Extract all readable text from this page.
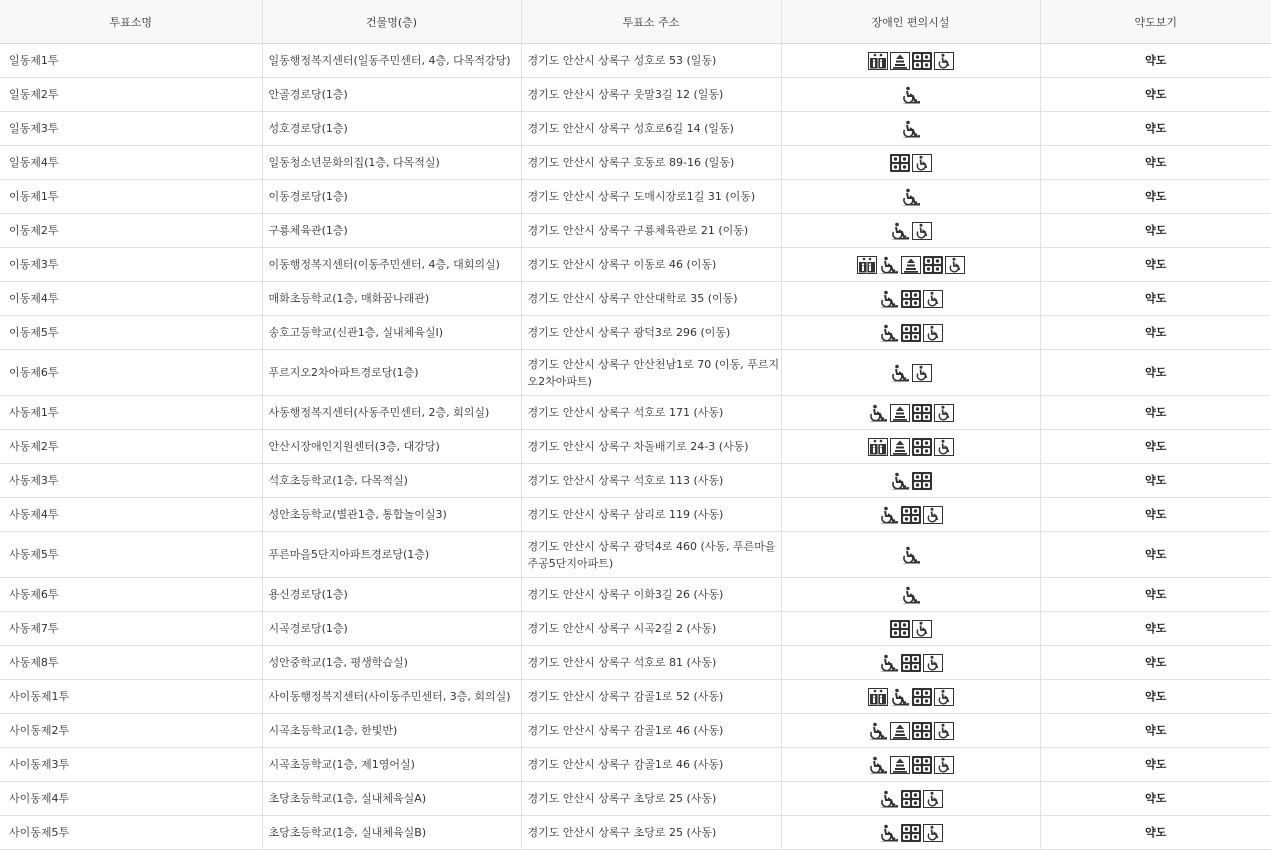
투표소명	건물명(층)	투표소 주소	장애인 편의시설	약도보기
일동제1투	일동행정복지센터(일동주민센터, 4층, 다목적강당)	경기도 안산시 상록구 성호로 53 (일동)		약도
일동제2투	안골경로당(1층)	경기도 안산시 상록구 웃말3길 12 (일동)		약도
일동제3투	성호경로당(1층)	경기도 안산시 상록구 성호로6길 14 (일동)		약도
일동제4투	일동청소년문화의집(1층, 다목적실)	경기도 안산시 상록구 호동로 89-16 (일동)		약도
이동제1투	이동경로당(1층)	경기도 안산시 상록구 도매시장로1길 31 (이동)		약도
이동제2투	구룡체육관(1층)	경기도 안산시 상록구 구룡체육관로 21 (이동)		약도
이동제3투	이동행정복지센터(이동주민센터, 4층, 대회의실)	경기도 안산시 상록구 이동로 46 (이동)		약도
이동제4투	매화초등학교(1층, 매화꿈나래관)	경기도 안산시 상록구 안산대학로 35 (이동)		약도
이동제5투	송호고등학교(신관1층, 실내체육실Ⅰ)	경기도 안산시 상록구 광덕3로 296 (이동)		약도
이동제6투	푸르지오2차아파트경로당(1층)	경기도 안산시 상록구 안산천남1로 70 (이동, 푸르지오2차아파트)		약도
사동제1투	사동행정복지센터(사동주민센터, 2층, 회의실)	경기도 안산시 상록구 석호로 171 (사동)		약도
사동제2투	안산시장애인지원센터(3층, 대강당)	경기도 안산시 상록구 차돌배기로 24-3 (사동)		약도
사동제3투	석호초등학교(1층, 다목적실)	경기도 안산시 상록구 석호로 113 (사동)		약도
사동제4투	성안초등학교(별관1층, 통합놀이실3)	경기도 안산시 상록구 삼리로 119 (사동)		약도
사동제5투	푸른마을5단지아파트경로당(1층)	경기도 안산시 상록구 광덕4로 460 (사동, 푸른마을주공5단지아파트)		약도
사동제6투	용신경로당(1층)	경기도 안산시 상록구 이화3길 26 (사동)		약도
사동제7투	시곡경로당(1층)	경기도 안산시 상록구 시곡2길 2 (사동)		약도
사동제8투	성안중학교(1층, 평생학습실)	경기도 안산시 상록구 석호로 81 (사동)		약도
사이동제1투	사이동행정복지센터(사이동주민센터, 3층, 회의실)	경기도 안산시 상록구 감골1로 52 (사동)		약도
사이동제2투	시곡초등학교(1층, 한빛반)	경기도 안산시 상록구 감골1로 46 (사동)		약도
사이동제3투	시곡초등학교(1층, 제1영어실)	경기도 안산시 상록구 감골1로 46 (사동)		약도
사이동제4투	초당초등학교(1층, 실내체육실A)	경기도 안산시 상록구 초당로 25 (사동)		약도
사이동제5투	초당초등학교(1층, 실내체육실B)	경기도 안산시 상록구 초당로 25 (사동)		약도
